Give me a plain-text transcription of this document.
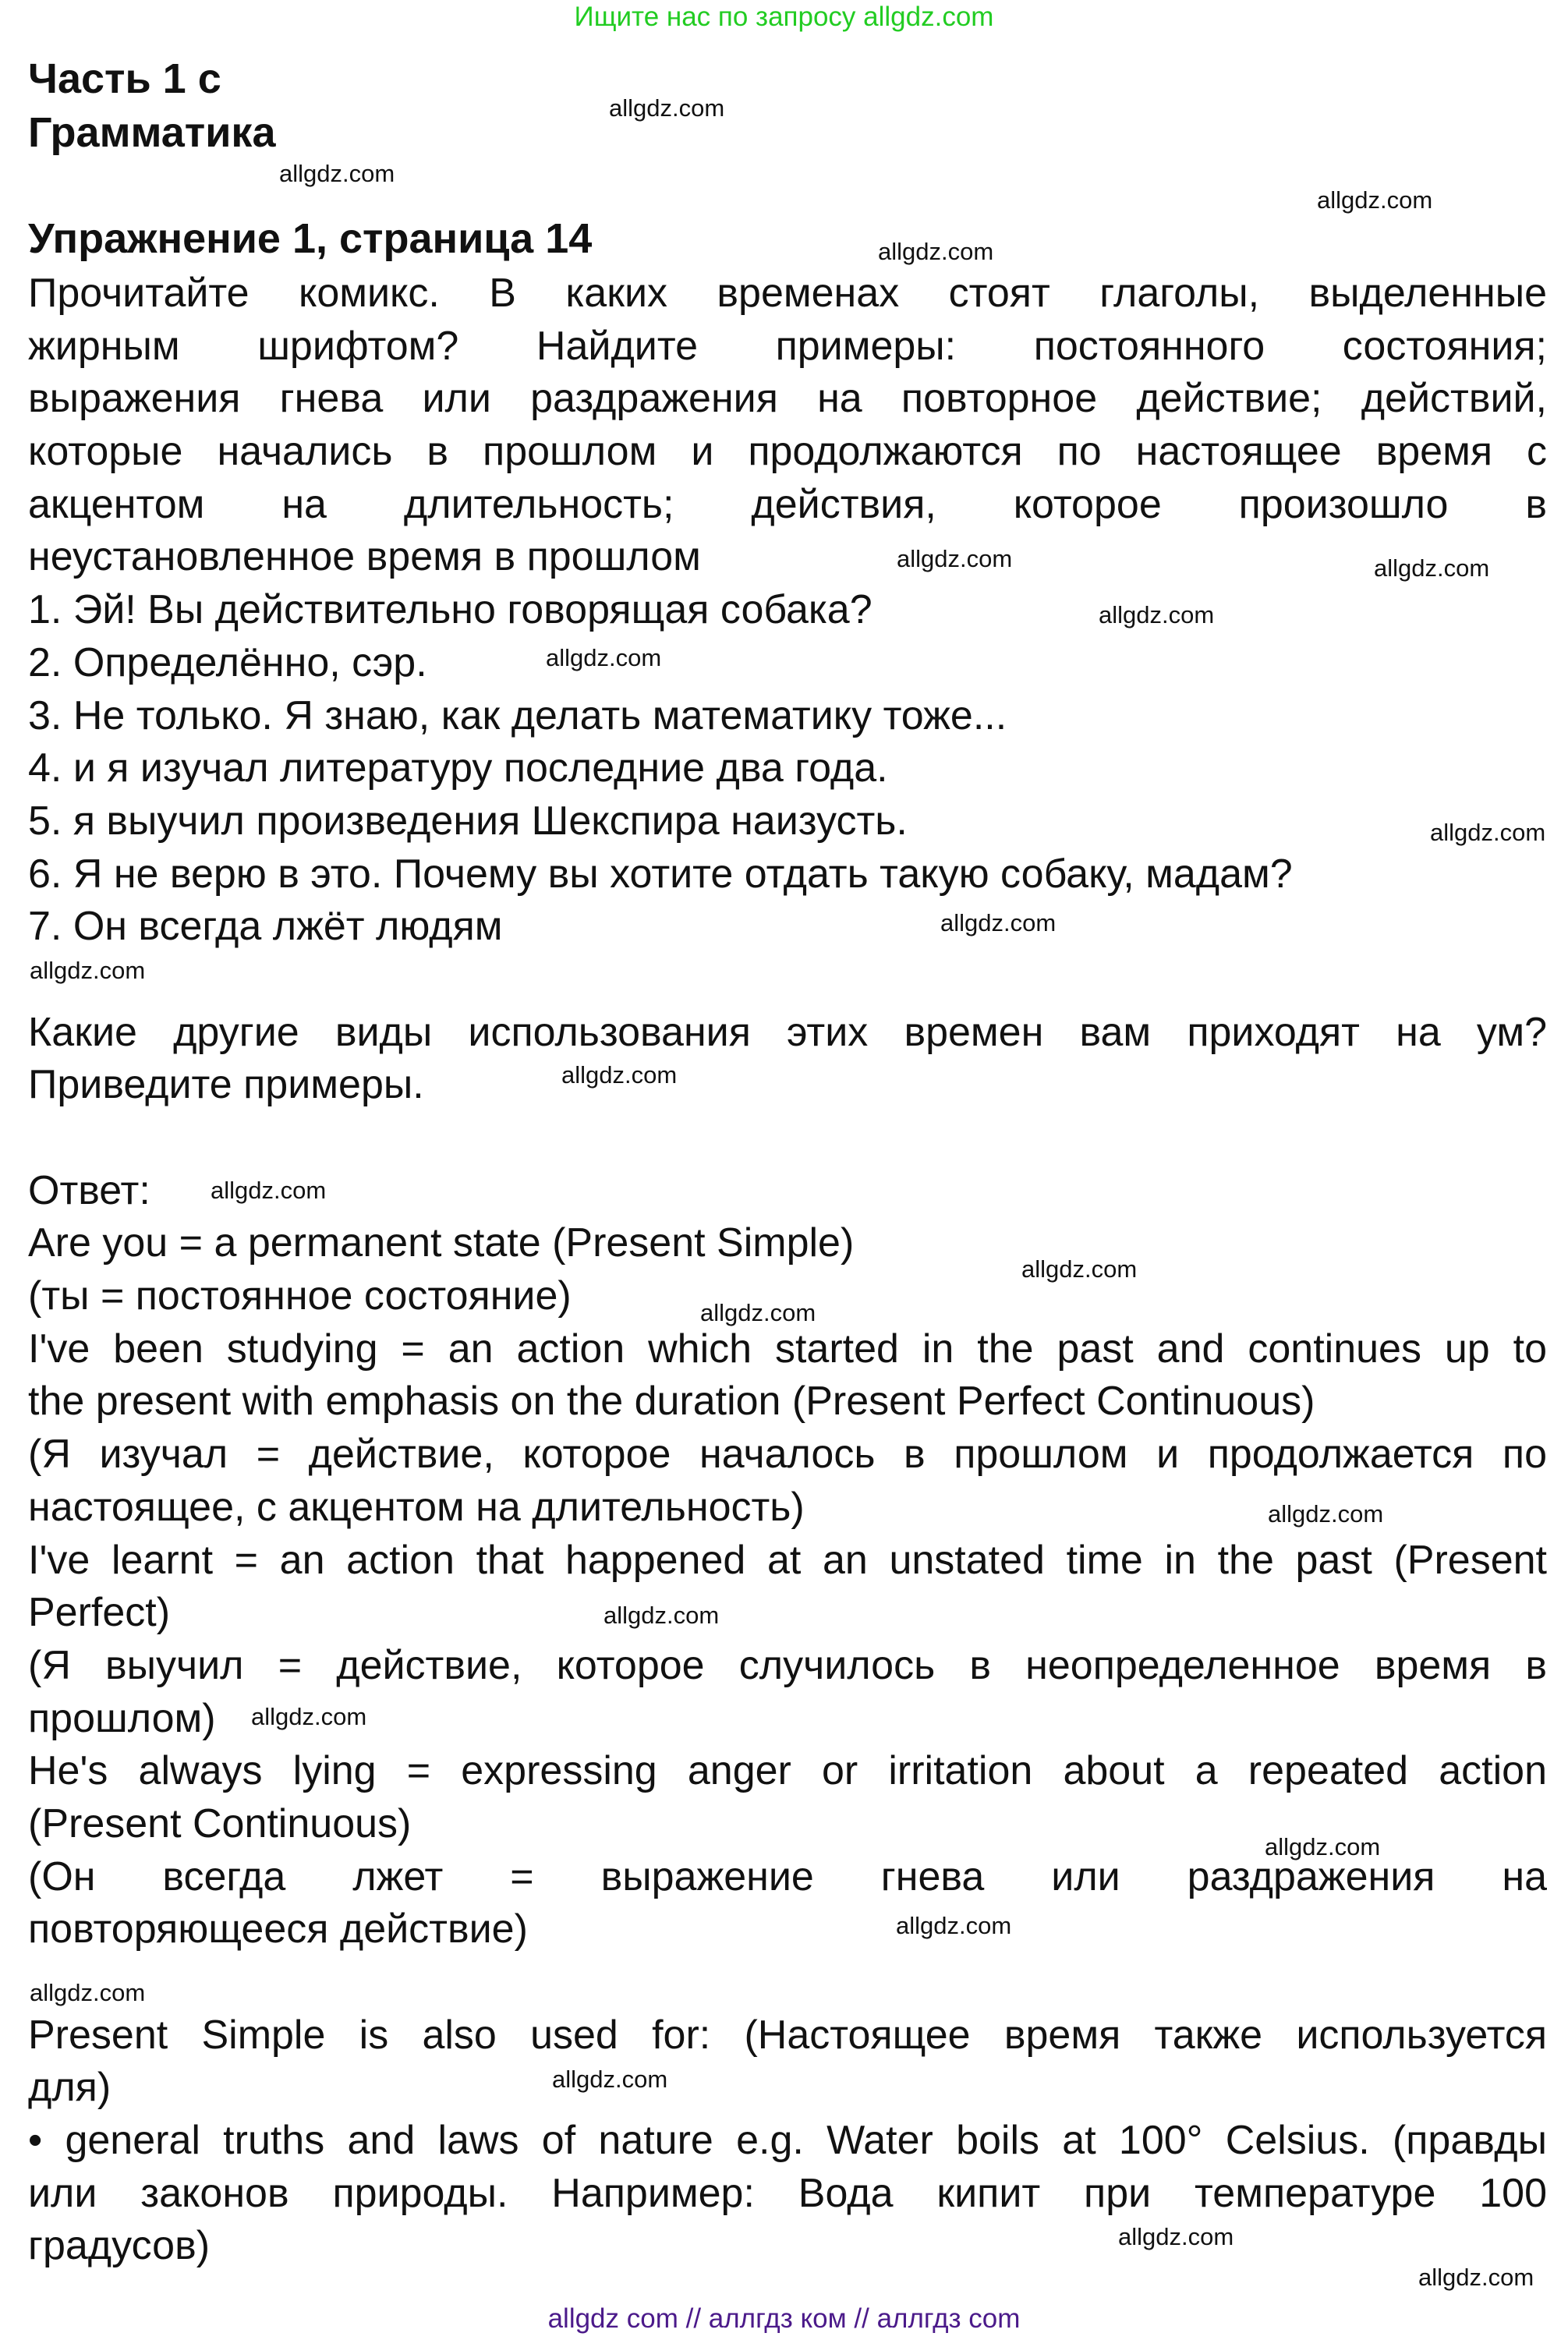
Ищите нас по запросу allgdz.com
Часть 1 с
Грамматика
Упражнение 1, страница 14
Прочитайте комикс. В каких временах стоят глаголы, выделенные
жирным шрифтом? Найдите примеры: постоянного состояния;
выражения гнева или раздражения на повторное действие; действий,
которые начались в прошлом и продолжаются по настоящее время с
акцентом на длительность; действия, которое произошло в
неустановленное время в прошлом
1. Эй! Вы действительно говорящая собака?
2. Определённо, сэр.
3. Не только. Я знаю, как делать математику тоже...
4. и я изучал литературу последние два года.
5. я выучил произведения Шекспира наизусть.
6. Я не верю в это. Почему вы хотите отдать такую собаку, мадам?
7. Он всегда лжёт людям
Какие другие виды использования этих времен вам приходят на ум?
Приведите примеры.
Ответ:
Are you = a permanent state (Present Simple)
(ты = постоянное состояние)
I've been studying = an action which started in the past and continues up to
the present with emphasis on the duration (Present Perfect Continuous)
(Я изучал = действие, которое началось в прошлом и продолжается по
настоящее, с акцентом на длительность)
I've learnt = an action that happened at an unstated time in the past (Present
Perfect)
(Я выучил = действие, которое случилось в неопределенное время в
прошлом)
He's always lying = expressing anger or irritation about a repeated action
(Present Continuous)
(Он всегда лжет = выражение гнева или раздражения на
повторяющееся действие)
Present Simple is also used for: (Настоящее время также используется
для)
• general truths and laws of nature e.g. Water boils at 100° Celsius. (правды
или законов природы. Например: Вода кипит при температуре 100
градусов)
allgdz.com
allgdz.com
allgdz.com
allgdz.com
allgdz.com	allgdz.com
allgdz.com
allgdz.com
allgdz.com
allgdz.com
allgdz.com
allgdz.com
allgdz.com
allgdz.com
allgdz.com
allgdz.com
allgdz.com
allgdz.com
allgdz.com
allgdz.com
allgdz.com
allgdz.com
allgdz.com
allgdz.com
allgdz com // аллгдз ком // аллгдз com
